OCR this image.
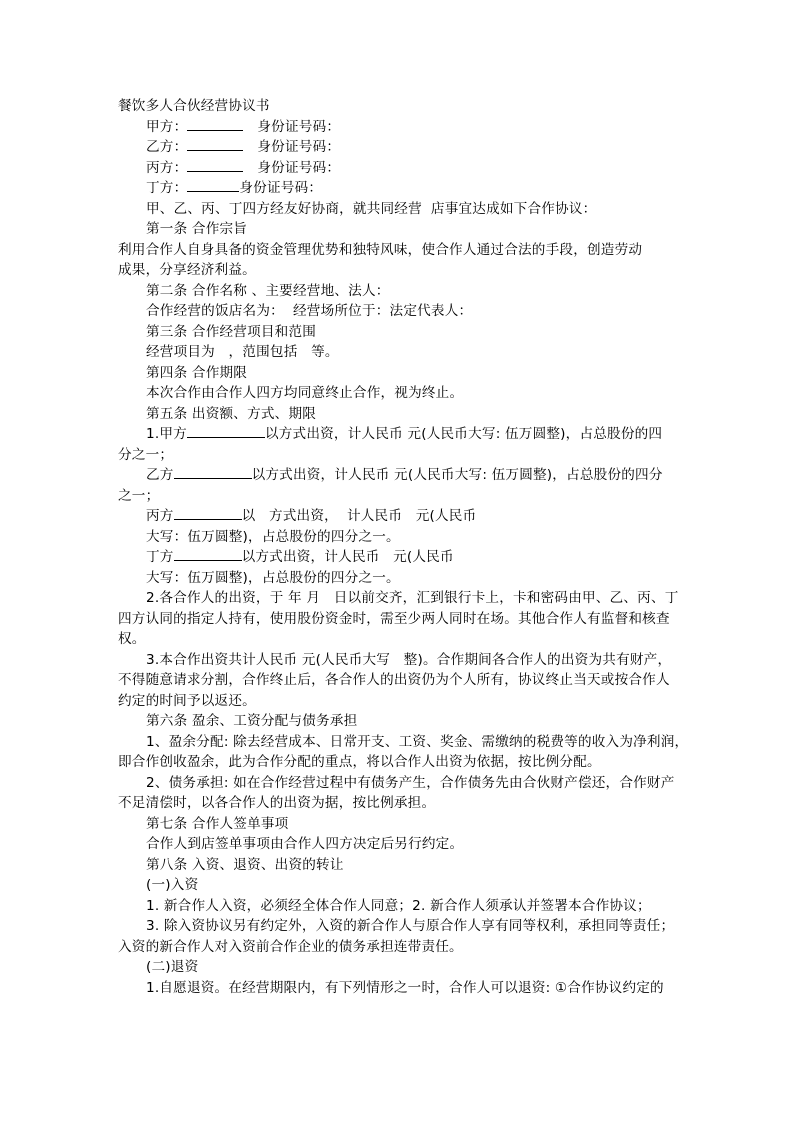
餐饮多人合伙经营协议书
甲方：	身份证号码：
乙方：	身份证号码：
丙方：	身份证号码：
丁方：	身份证号码：
甲、乙、丙、丁四方经友好协商，就共同经营  店事宜达成如下合作协议：
第一条 合作宗旨
利用合作人自身具备的资金管理优势和独特风味，使合作人通过合法的手段，创造劳动
成果，分享经济利益。
第二条 合作名称 、主要经营地、法人：
合作经营的饭店名为：  经营场所位于：法定代表人：
第三条 合作经营项目和范围
经营项目为   ，范围包括   等。
第四条 合作期限
本次合作由合作人四方均同意终止合作，视为终止。
第五条 出资额、方式、期限
1.甲方	以方式出资，计人民币 元(人民币大写: 伍万圆整)，占总股份的四
分之一；
乙方	以方式出资，计人民币 元(人民币大写: 伍万圆整)，占总股份的四分
之一；
丙方	以   方式出资，  计人民币   元(人民币
大写：伍万圆整)，占总股份的四分之一。
丁方	以方式出资，计人民币   元(人民币
大写：伍万圆整)，占总股份的四分之一。
2.各合作人的出资，于 年 月   日以前交齐，汇到银行卡上，卡和密码由甲、乙、丙、丁
四方认同的指定人持有，使用股份资金时，需至少两人同时在场。其他合作人有监督和核查
权。
3.本合作出资共计人民币 元(人民币大写   整)。合作期间各合作人的出资为共有财产，
不得随意请求分割，合作终止后，各合作人的出资仍为个人所有，协议终止当天或按合作人
约定的时间予以返还。
第六条 盈余、工资分配与债务承担
1、盈余分配: 除去经营成本、日常开支、工资、奖金、需缴纳的税费等的收入为净利润，
即合作创收盈余，此为合作分配的重点，将以合作人出资为依据，按比例分配。
2、债务承担: 如在合作经营过程中有债务产生，合作债务先由合伙财产偿还，合作财产
不足清偿时，以各合作人的出资为据，按比例承担。
第七条 合作人签单事项
合作人到店签单事项由合作人四方决定后另行约定。
第八条 入资、退资、出资的转让
(一)入资
1. 新合作人入资，必须经全体合作人同意；2. 新合作人须承认并签署本合作协议；
3. 除入资协议另有约定外，入资的新合作人与原合作人享有同等权利，承担同等责任；
入资的新合作人对入资前合作企业的债务承担连带责任。
(二)退资
1.自愿退资。在经营期限内，有下列情形之一时，合作人可以退资: ①合作协议约定的
